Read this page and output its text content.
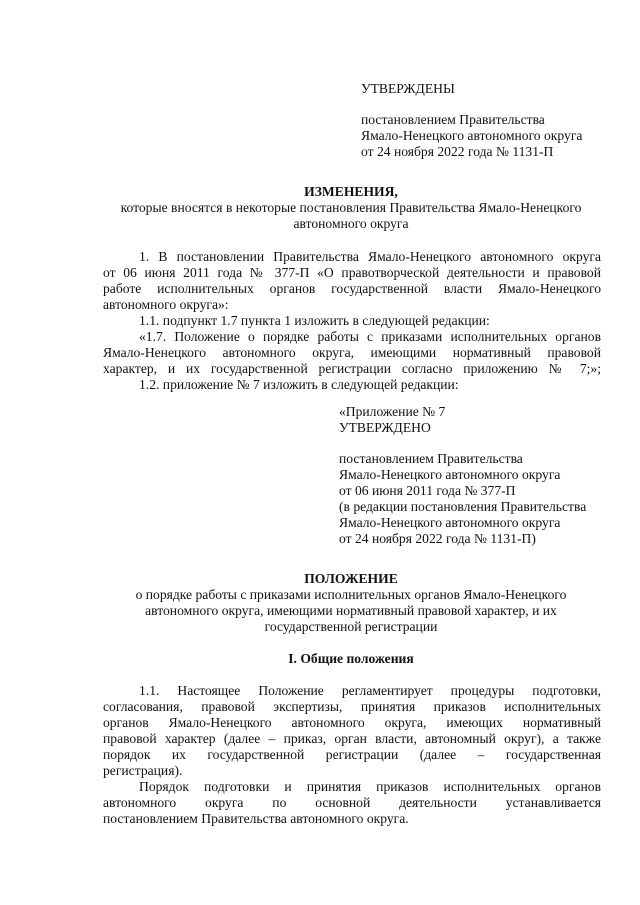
УТВЕРЖДЕНЫ
постановлением Правительства
Ямало-Ненецкого автономного округа
от 24 ноября 2022 года № 1131-П
ИЗМЕНЕНИЯ,
которые вносятся в некоторые постановления Правительства Ямало-Ненецкого
автономного округа
1. В постановлении Правительства Ямало-Ненецкого автономного округа
от 06 июня 2011 года № 377-П «О правотворческой деятельности и правовой
работе исполнительных органов государственной власти Ямало-Ненецкого
автономного округа»:
1.1. подпункт 1.7 пункта 1 изложить в следующей редакции:
«1.7. Положение о порядке работы с приказами исполнительных органов
Ямало-Ненецкого автономного округа, имеющими нормативный правовой
характер, и их государственной регистрации согласно приложению № 7;»;
1.2. приложение № 7 изложить в следующей редакции:
«Приложение № 7
УТВЕРЖДЕНО
постановлением Правительства
Ямало-Ненецкого автономного округа
от 06 июня 2011 года № 377-П
(в редакции постановления Правительства
Ямало-Ненецкого автономного округа
от 24 ноября 2022 года № 1131-П)
ПОЛОЖЕНИЕ
о порядке работы с приказами исполнительных органов Ямало-Ненецкого
автономного округа, имеющими нормативный правовой характер, и их
государственной регистрации
I. Общие положения
1.1. Настоящее Положение регламентирует процедуры подготовки,
согласования, правовой экспертизы, принятия приказов исполнительных
органов Ямало-Ненецкого автономного округа, имеющих нормативный
правовой характер (далее – приказ, орган власти, автономный округ), а также
порядок их государственной регистрации (далее – государственная
регистрация).
Порядок подготовки и принятия приказов исполнительных органов
автономного округа по основной деятельности устанавливается
постановлением Правительства автономного округа.
